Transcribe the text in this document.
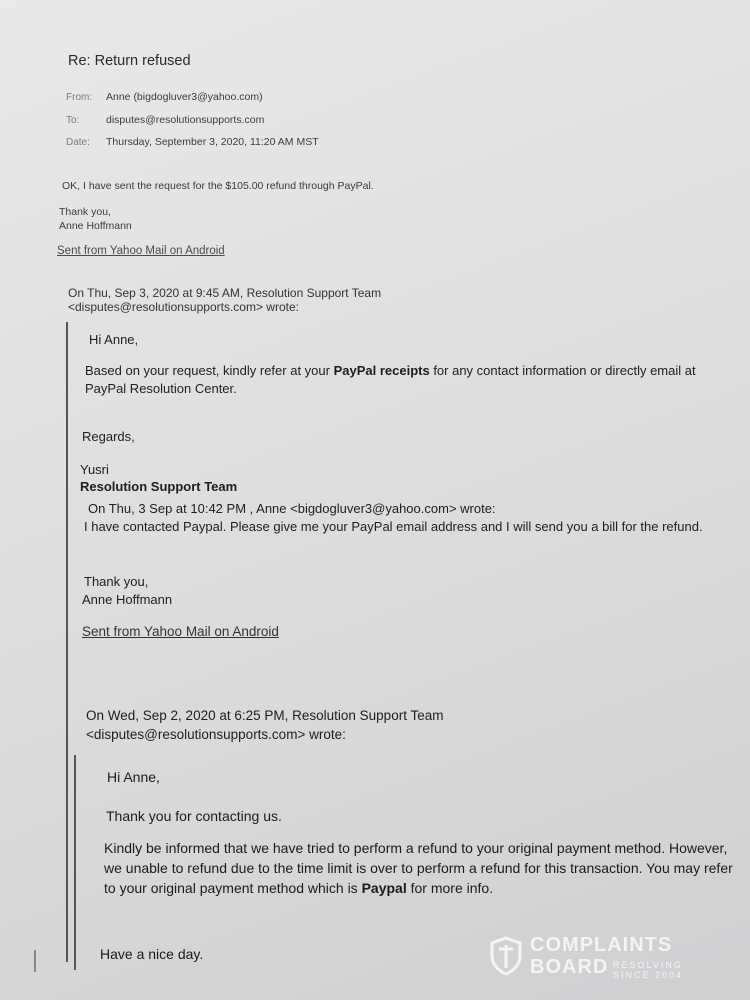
Re: Return refused
From: Anne (bigdogluver3@yahoo.com)
To:	disputes@resolutionsupports.com
Date: Thursday, September 3, 2020, 11:20 AM MST
OK, I have sent the request for the $105.00 refund through PayPal.
Thank you,
Anne Hoffmann
Sent from Yahoo Mail on Android
On Thu, Sep 3, 2020 at 9:45 AM, Resolution Support Team
<disputes@resolutionsupports.com> wrote:
Hi Anne,
Based on your request, kindly refer at your PayPal receipts for any contact information or directly email at PayPal Resolution Center.
Regards,
Yusri
Resolution Support Team
On Thu, 3 Sep at 10:42 PM , Anne <bigdogluver3@yahoo.com> wrote:
I have contacted Paypal. Please give me your PayPal email address and I will send you a bill for the refund.
Thank you,
Anne Hoffmann
Sent from Yahoo Mail on Android
On Wed, Sep 2, 2020 at 6:25 PM, Resolution Support Team
<disputes@resolutionsupports.com> wrote:
Hi Anne,
Thank you for contacting us.
Kindly be informed that we have tried to perform a refund to your original payment method. However, we unable to refund due to the time limit is over to perform a refund for this transaction. You may refer to your original payment method which is Paypal for more info.
Have a nice day.	COMPLAINTS
BOARD RESOLVING
SINCE 2004
